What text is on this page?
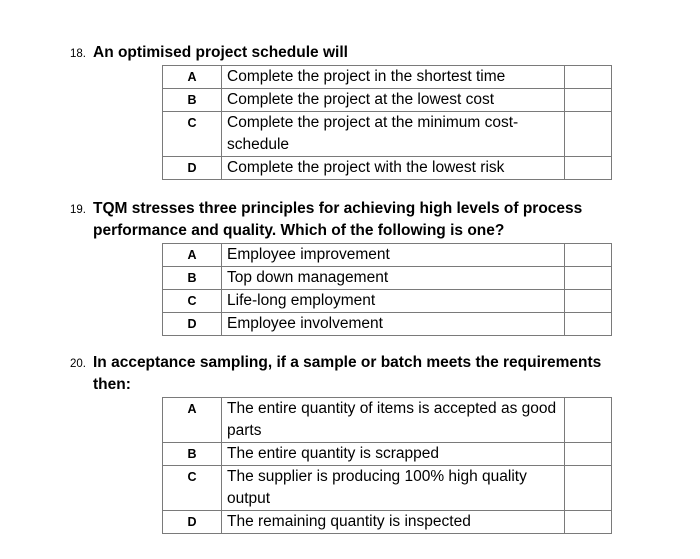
18. An optimised project schedule will
A	Complete the project in the shortest time	
B	Complete the project at the lowest cost	
C	Complete the project at the minimum cost-schedule	
D	Complete the project with the lowest risk	
19. TQM stresses three principles for achieving high levels of process performance and quality. Which of the following is one?
A	Employee improvement	
B	Top down management	
C	Life-long employment	
D	Employee involvement	
20. In acceptance sampling, if a sample or batch meets the requirements then:
A	The entire quantity of items is accepted as good parts	
B	The entire quantity is scrapped	
C	The supplier is producing 100% high quality output	
D	The remaining quantity is inspected	
